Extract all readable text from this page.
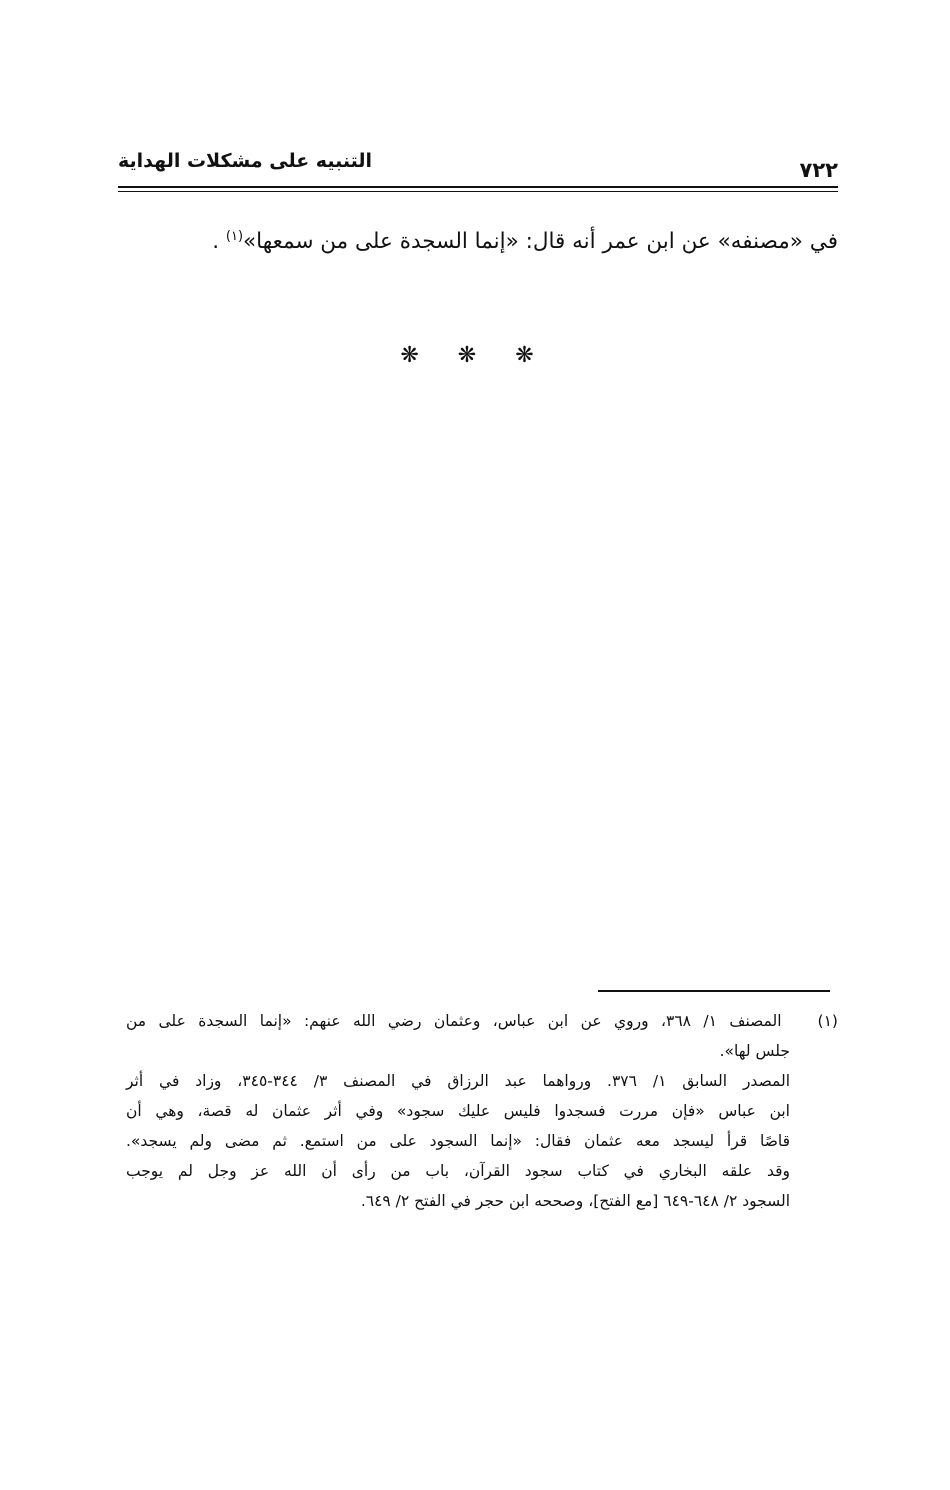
٧٢٢
التنبيه على مشكلات الهداية
في «مصنفه» عن ابن عمر أنه قال: «إنما السجدة على من سمعها»$^{(١)}$ .
❋ ❋ ❋
(١) المصنف ١/ ٣٦٨، وروي عن ابن عباس، وعثمان رضي الله عنهم: «إنما السجدة على من
جلس لها».
المصدر السابق ١/ ٣٧٦. ورواهما عبد الرزاق في المصنف ٣/ ٣٤٤-٣٤٥، وزاد في أثر
ابن عباس «فإن مررت فسجدوا فليس عليك سجود» وفي أثر عثمان له قصة، وهي أن
قاصًا قرأ ليسجد معه عثمان فقال: «إنما السجود على من استمع. ثم مضى ولم يسجد».
وقد علقه البخاري في كتاب سجود القرآن، باب من رأى أن الله عز وجل لم يوجب
السجود ٢/ ٦٤٨-٦٤٩ [مع الفتح]، وصححه ابن حجر في الفتح ٢/ ٦٤٩.
